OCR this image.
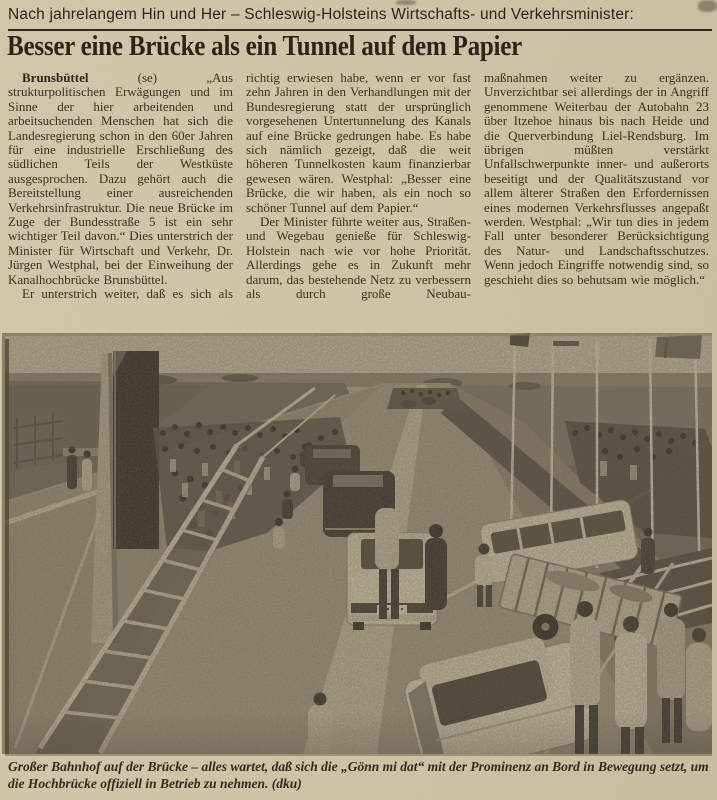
Nach jahrelangem Hin und Her – Schleswig-Holsteins Wirtschafts- und Verkehrsminister:
Besser eine Brücke als ein Tunnel auf dem Papier

Brunsbüttel	(se)	„Aus strukturpolitischen Erwägungen und im Sinne der hier arbeitenden und arbeitsuchenden Menschen hat sich die Landesregierung schon in den 60er Jahren für eine industrielle Erschließung des südlichen Teils der Westküste ausgesprochen. Dazu gehört auch die Bereitstellung einer ausreichenden Verkehrsinfrastruktur. Die neue Brücke im Zuge der Bundesstraße 5 ist ein sehr wichtiger Teil davon.“ Dies unterstrich der Minister für Wirtschaft und Verkehr, Dr. Jürgen Westphal, bei der Einweihung der Kanalhochbrücke Brunsbüttel.

Er unterstrich weiter, daß es sich als

richtig erwiesen habe, wenn er vor fast zehn Jahren in den Verhandlungen mit der Bundesregierung statt der ursprünglich vorgesehenen Untertunnelung des Kanals auf eine Brücke gedrungen habe. Es habe sich nämlich gezeigt, daß die weit höheren Tunnelkosten kaum finanzierbar gewesen wären. Westphal: „Besser eine Brücke, die wir haben, als ein noch so schöner Tunnel auf dem Papier.“

Der Minister führte weiter aus, Straßen- und Wegebau genieße für Schleswig-Holstein nach wie vor hohe Priorität. Allerdings gehe es in Zukunft mehr darum, das bestehende Netz zu verbessern als durch große Neubau-

maßnahmen weiter zu ergänzen. Unverzichtbar sei allerdings der in Angriff genommene Weiterbau der Autobahn 23 über Itzehoe hinaus bis nach Heide und die Querverbindung Liel-Rendsburg. Im übrigen müßten verstärkt Unfallschwerpunkte inner- und außerorts beseitigt und der Qualitätszustand vor allem älterer Straßen den Erfordernissen eines modernen Verkehrsflusses angepaßt werden. Westphal: „Wir tun dies in jedem Fall unter besonderer Berücksichtigung des Natur- und Landschaftsschutzes. Wenn jedoch Eingriffe notwendig sind, so geschieht dies so behutsam wie möglich.“

Großer Bahnhof auf der Brücke – alles wartet, daß sich die „Gönn mi dat“ mit der Prominenz an Bord in Bewegung setzt, um die Hochbrücke offiziell in Betrieb zu nehmen. (dku)
